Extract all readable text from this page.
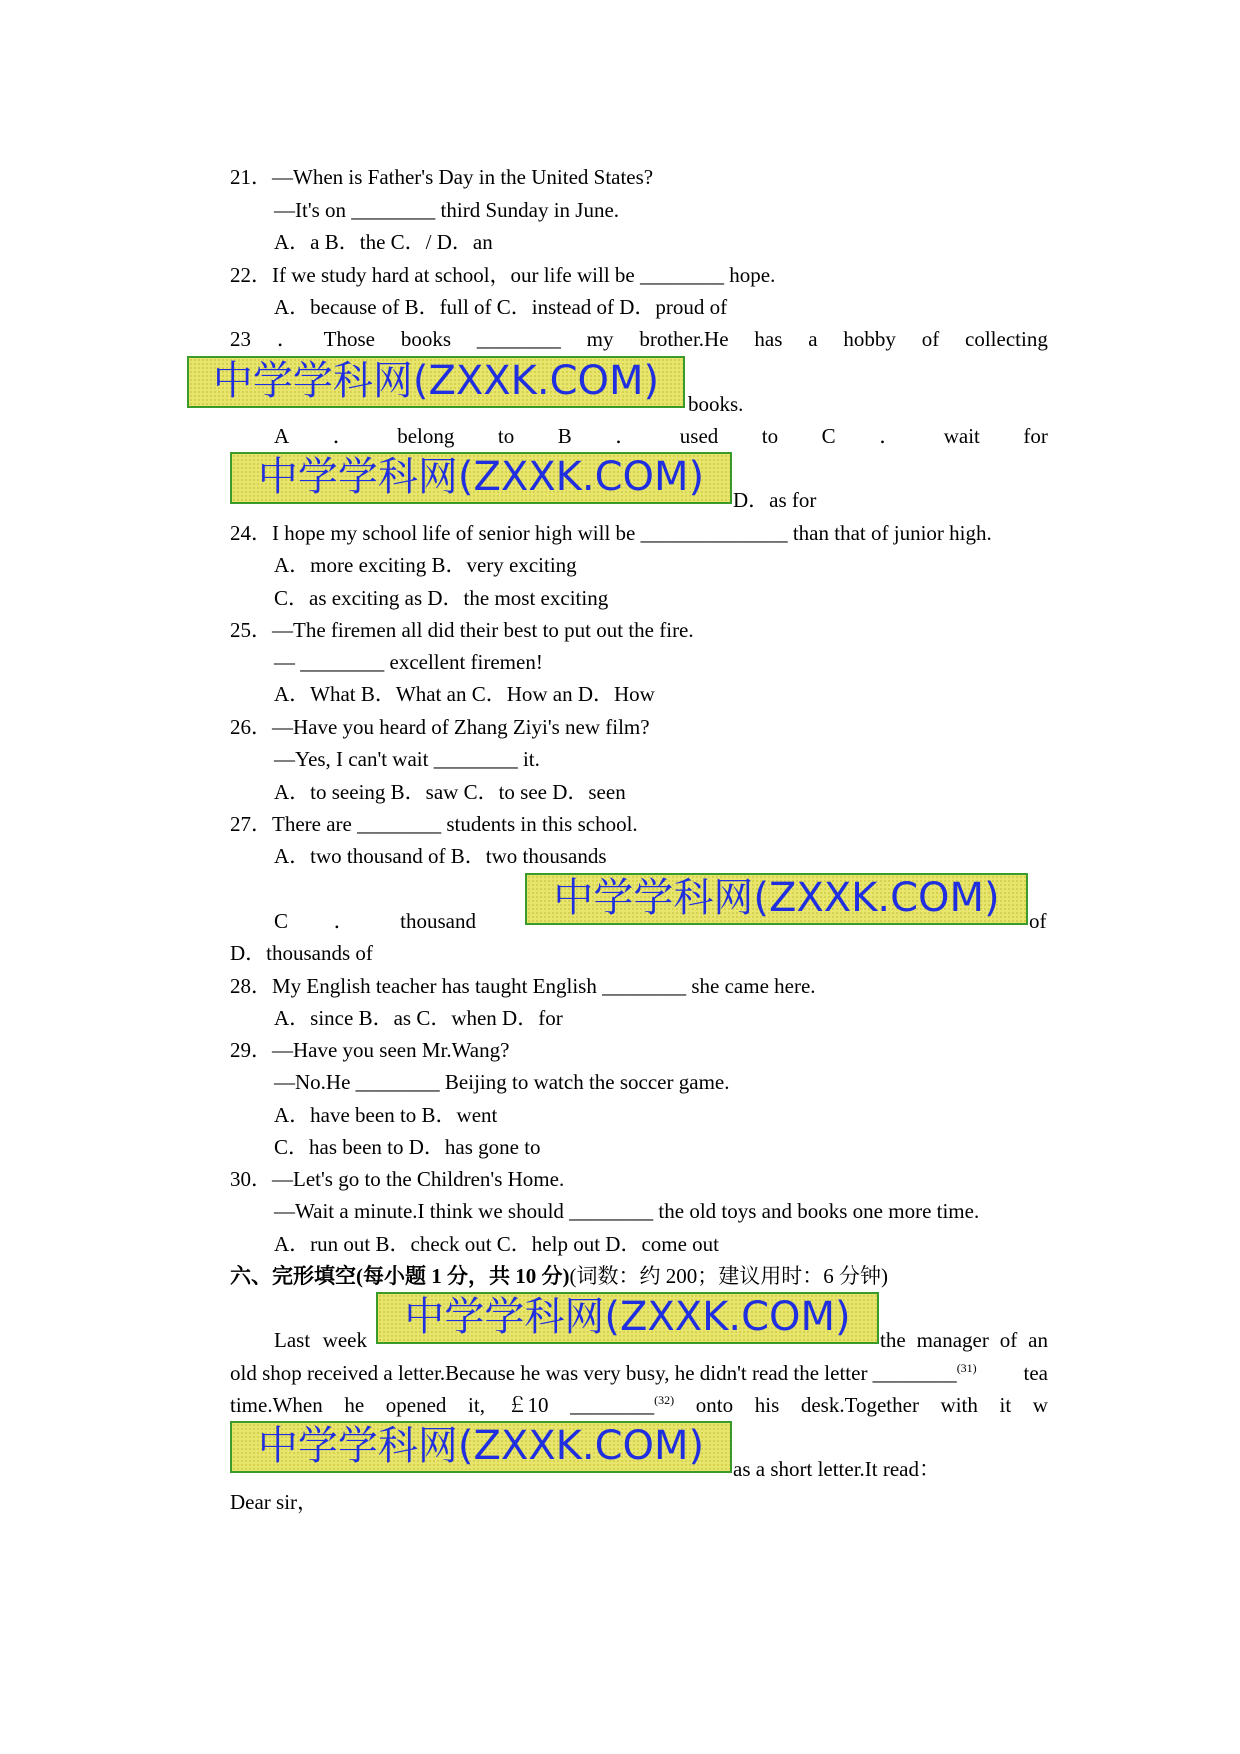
21．—When is Father's Day in the United States?
—It's on ________ third Sunday in June.
A．a B．the C．/ D．an
22．If we study hard at school，our life will be ________ hope.
A．because of B．full of C．instead of D．proud of
23 ． Those books ________ my brother.He has a hobby of collecting
中学学科网(ZXXK.COM)	books.
A ． belong to B ． used to C ． wait for
中学学科网(ZXXK.COM)	D．as for
24．I hope my school life of senior high will be ______________ than that of junior high.
A．more exciting B．very exciting
C．as exciting as D．the most exciting
25．—The firemen all did their best to put out the fire.
— ________ excellent firemen!
A．What B．What an C．How an D．How
26．—Have you heard of Zhang Ziyi's new film?
—Yes, I can't wait ________ it.
A．to seeing B．saw C．to see D．seen
27．There are ________ students in this school.
A．two thousand of B．two thousands
C ． thousand	中学学科网(ZXXK.COM)	of
D．thousands of
28．My English teacher has taught English ________ she came here.
A．since B．as C．when D．for
29．—Have you seen Mr.Wang?
—No.He ________ Beijing to watch the soccer game.
A．have been to B．went
C．has been to D．has gone to
30．—Let's go to the Children's Home.
—Wait a minute.I think we should ________ the old toys and books one more time.
A．run out B．check out C．help out D．come out
六、完形填空(每小题 1 分，共 10 分)(词数：约 200；建议用时：6 分钟)
Last week 中学学科网(ZXXK.COM)	the manager of an
old shop received a letter.Because he was very busy, he didn't read the letter ________$^{(31)}$ tea
time.When he opened it, ￡10 ________$^{(32)}$ onto his desk.Together with it w
中学学科网(ZXXK.COM)	as a short letter.It read：
Dear sir，
